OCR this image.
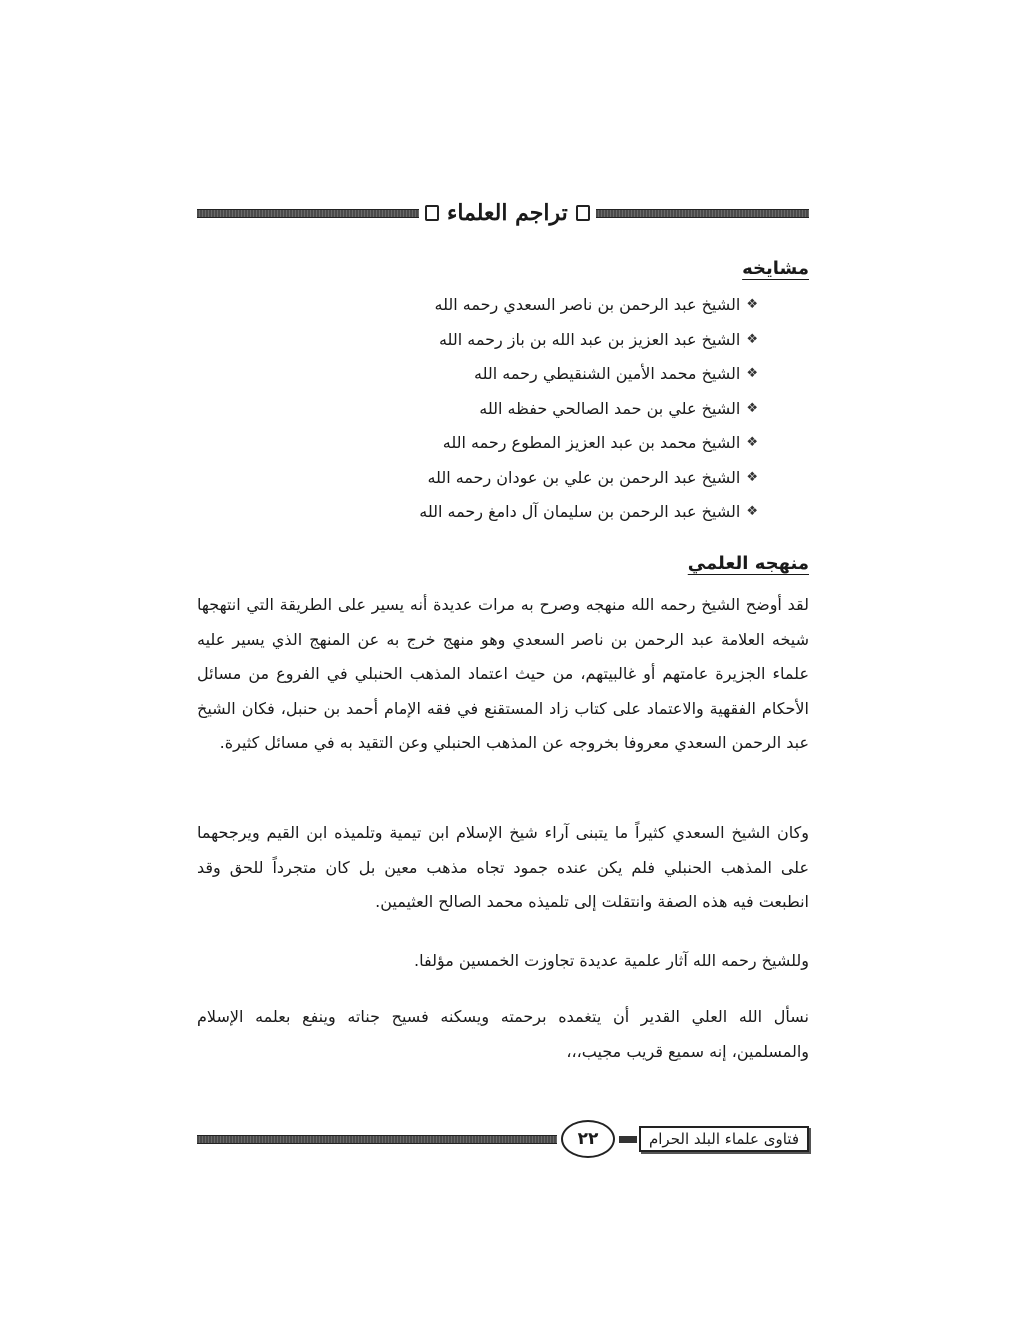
تراجم العلماء
مشايخه
❖
الشيخ عبد الرحمن بن ناصر السعدي رحمه الله
❖
الشيخ عبد العزيز بن عبد الله بن باز رحمه الله
❖
الشيخ محمد الأمين الشنقيطي رحمه الله
❖
الشيخ علي بن حمد الصالحي حفظه الله
❖
الشيخ محمد بن عبد العزيز المطوع رحمه الله
❖
الشيخ عبد الرحمن بن علي بن عودان رحمه الله
❖
الشيخ عبد الرحمن بن سليمان آل دامغ رحمه الله
منهجه العلمي

لقد أوضح الشيخ رحمه الله منهجه وصرح به مرات عديدة أنه يسير على الطريقة التي انتهجها شيخه العلامة عبد الرحمن بن ناصر السعدي وهو منهج خرج به عن المنهج الذي يسير عليه علماء الجزيرة عامتهم أو غالبيتهم، من حيث اعتماد المذهب الحنبلي في الفروع من مسائل الأحكام الفقهية والاعتماد على كتاب زاد المستقنع في فقه الإمام أحمد بن حنبل، فكان الشيخ عبد الرحمن السعدي معروفا بخروجه عن المذهب الحنبلي وعن التقيد به في مسائل كثيرة.

وكان الشيخ السعدي كثيراً ما يتبنى آراء شيخ الإسلام ابن تيمية وتلميذه ابن القيم ويرجحهما على المذهب الحنبلي فلم يكن عنده جمود تجاه مذهب معين بل كان متجرداً للحق وقد انطبعت فيه هذه الصفة وانتقلت إلى تلميذه محمد الصالح العثيمين.

وللشيخ رحمه الله آثار علمية عديدة تجاوزت الخمسين مؤلفا.

نسأل الله العلي القدير أن يتغمده برحمته ويسكنه فسيح جناته وينفع بعلمه الإسلام والمسلمين، إنه سميع قريب مجيب،،،

٢٢	فتاوى علماء البلد الحرام
